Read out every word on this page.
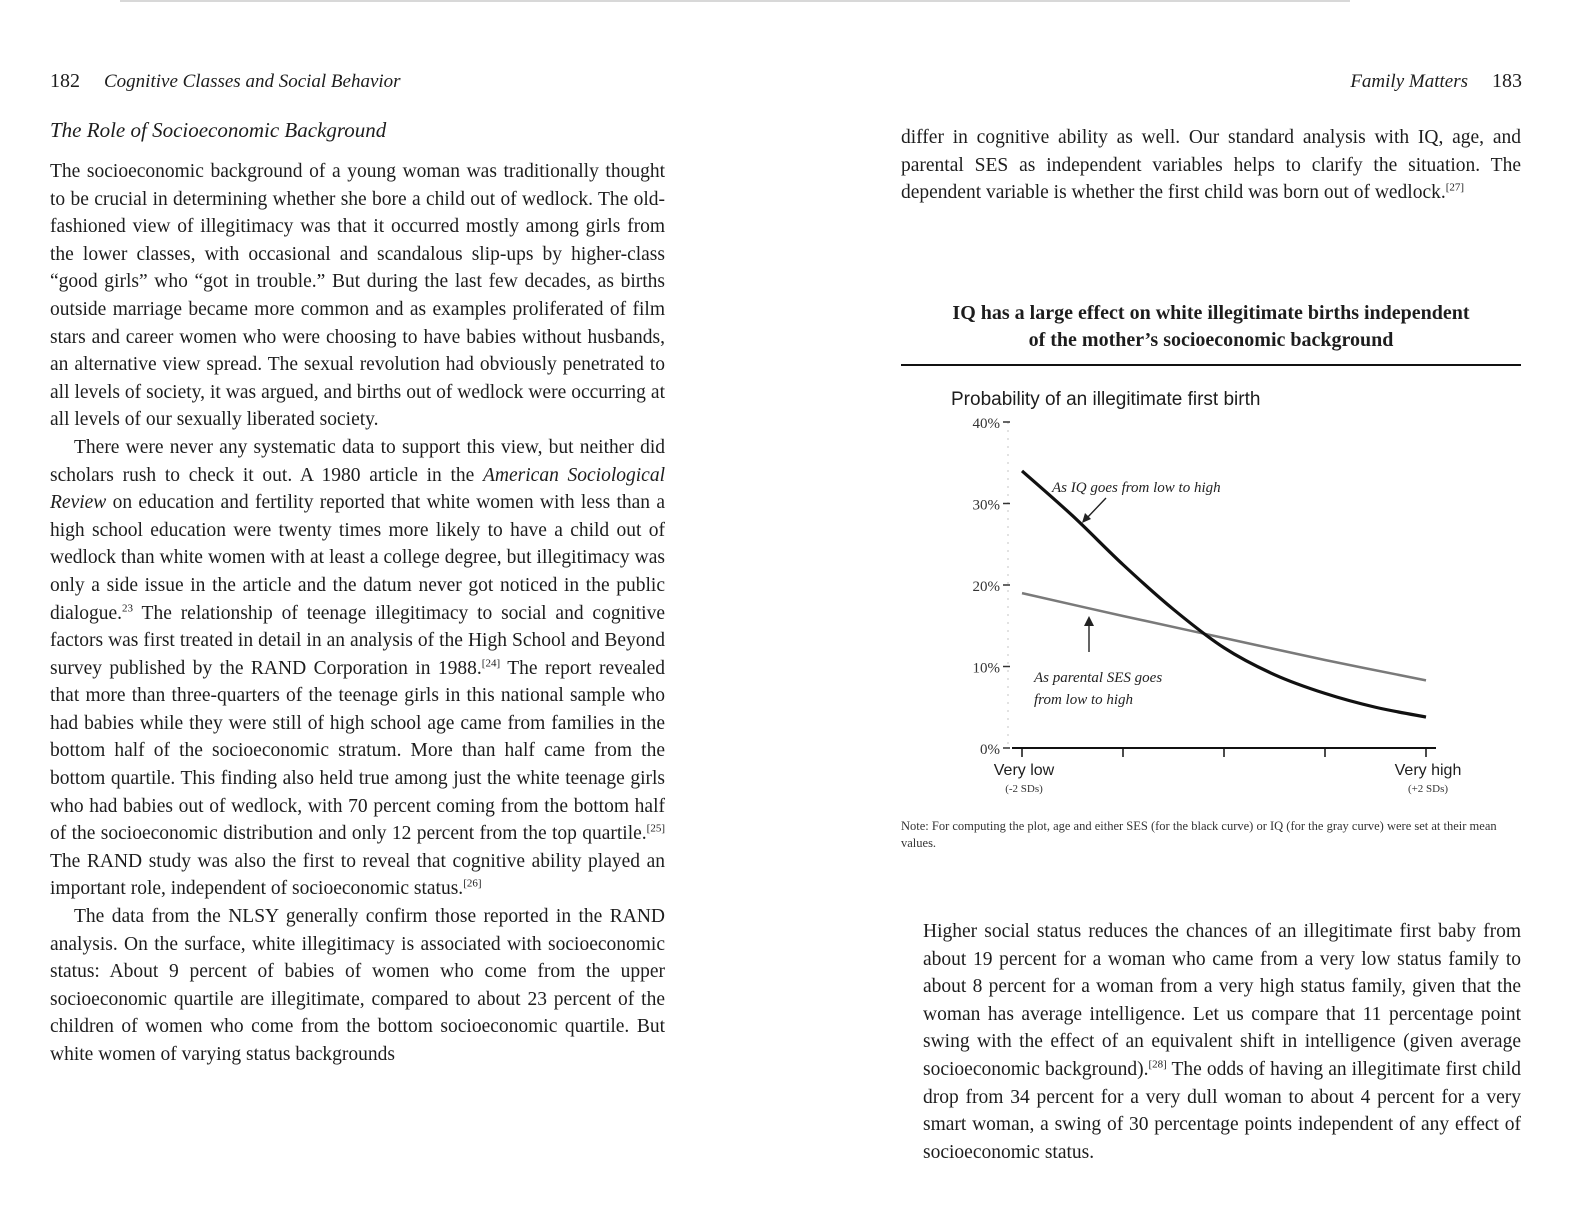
182 Cognitive Classes and Social Behavior
The Role of Socioeconomic Background

The socioeconomic background of a young woman was traditionally thought to be crucial in determining whether she bore a child out of wedlock. The old-fashioned view of illegitimacy was that it occurred mostly among girls from the lower classes, with occasional and scandalous slip-ups by higher-class “good girls” who “got in trouble.” But during the last few decades, as births outside marriage became more common and as examples proliferated of film stars and career women who were choosing to have babies without husbands, an alternative view spread. The sexual revolution had obviously penetrated to all levels of society, it was argued, and births out of wedlock were occurring at all levels of our sexually liberated society.

There were never any systematic data to support this view, but neither did scholars rush to check it out. A 1980 article in the American Sociological Review on education and fertility reported that white women with less than a high school education were twenty times more likely to have a child out of wedlock than white women with at least a college degree, but illegitimacy was only a side issue in the article and the datum never got noticed in the public dialogue.$^{23}$ The relationship of teenage illegitimacy to social and cognitive factors was first treated in detail in an analysis of the High School and Beyond survey published by the RAND Corporation in 1988.[24] The report revealed that more than three-quarters of the teenage girls in this national sample who had babies while they were still of high school age came from families in the bottom half of the socioeconomic stratum. More than half came from the bottom quartile. This finding also held true among just the white teenage girls who had babies out of wedlock, with 70 percent coming from the bottom half of the socioeconomic distribution and only 12 percent from the top quartile.[25] The RAND study was also the first to reveal that cognitive ability played an important role, independent of socioeconomic status.[26]

The data from the NLSY generally confirm those reported in the RAND analysis. On the surface, white illegitimacy is associated with socioeconomic status: About 9 percent of babies of women who come from the upper socioeconomic quartile are illegitimate, compared to about 23 percent of the children of women who come from the bottom socioeconomic quartile. But white women of varying status backgrounds

Family Matters 183

differ in cognitive ability as well. Our standard analysis with IQ, age, and parental SES as independent variables helps to clarify the situation. The dependent variable is whether the first child was born out of wedlock.[27]

IQ has a large effect on white illegitimate births independent
of the mother’s socioeconomic background
Probability of an illegitimate first birth
0%
10%
20%
30%
40%
Very low
(-2 SDs)
Very high
(+2 SDs)
As IQ goes from low to high
As parental SES goes
from low to high
Note: For computing the plot, age and either SES (for the black curve) or IQ (for the gray curve) were set at their mean values.

Higher social status reduces the chances of an illegitimate first baby from about 19 percent for a woman who came from a very low status family to about 8 percent for a woman from a very high status family, given that the woman has average intelligence. Let us compare that 11 percentage point swing with the effect of an equivalent shift in intelligence (given average socioeconomic background).[28] The odds of having an illegitimate first child drop from 34 percent for a very dull woman to about 4 percent for a very smart woman, a swing of 30 percentage points independent of any effect of socioeconomic status.
